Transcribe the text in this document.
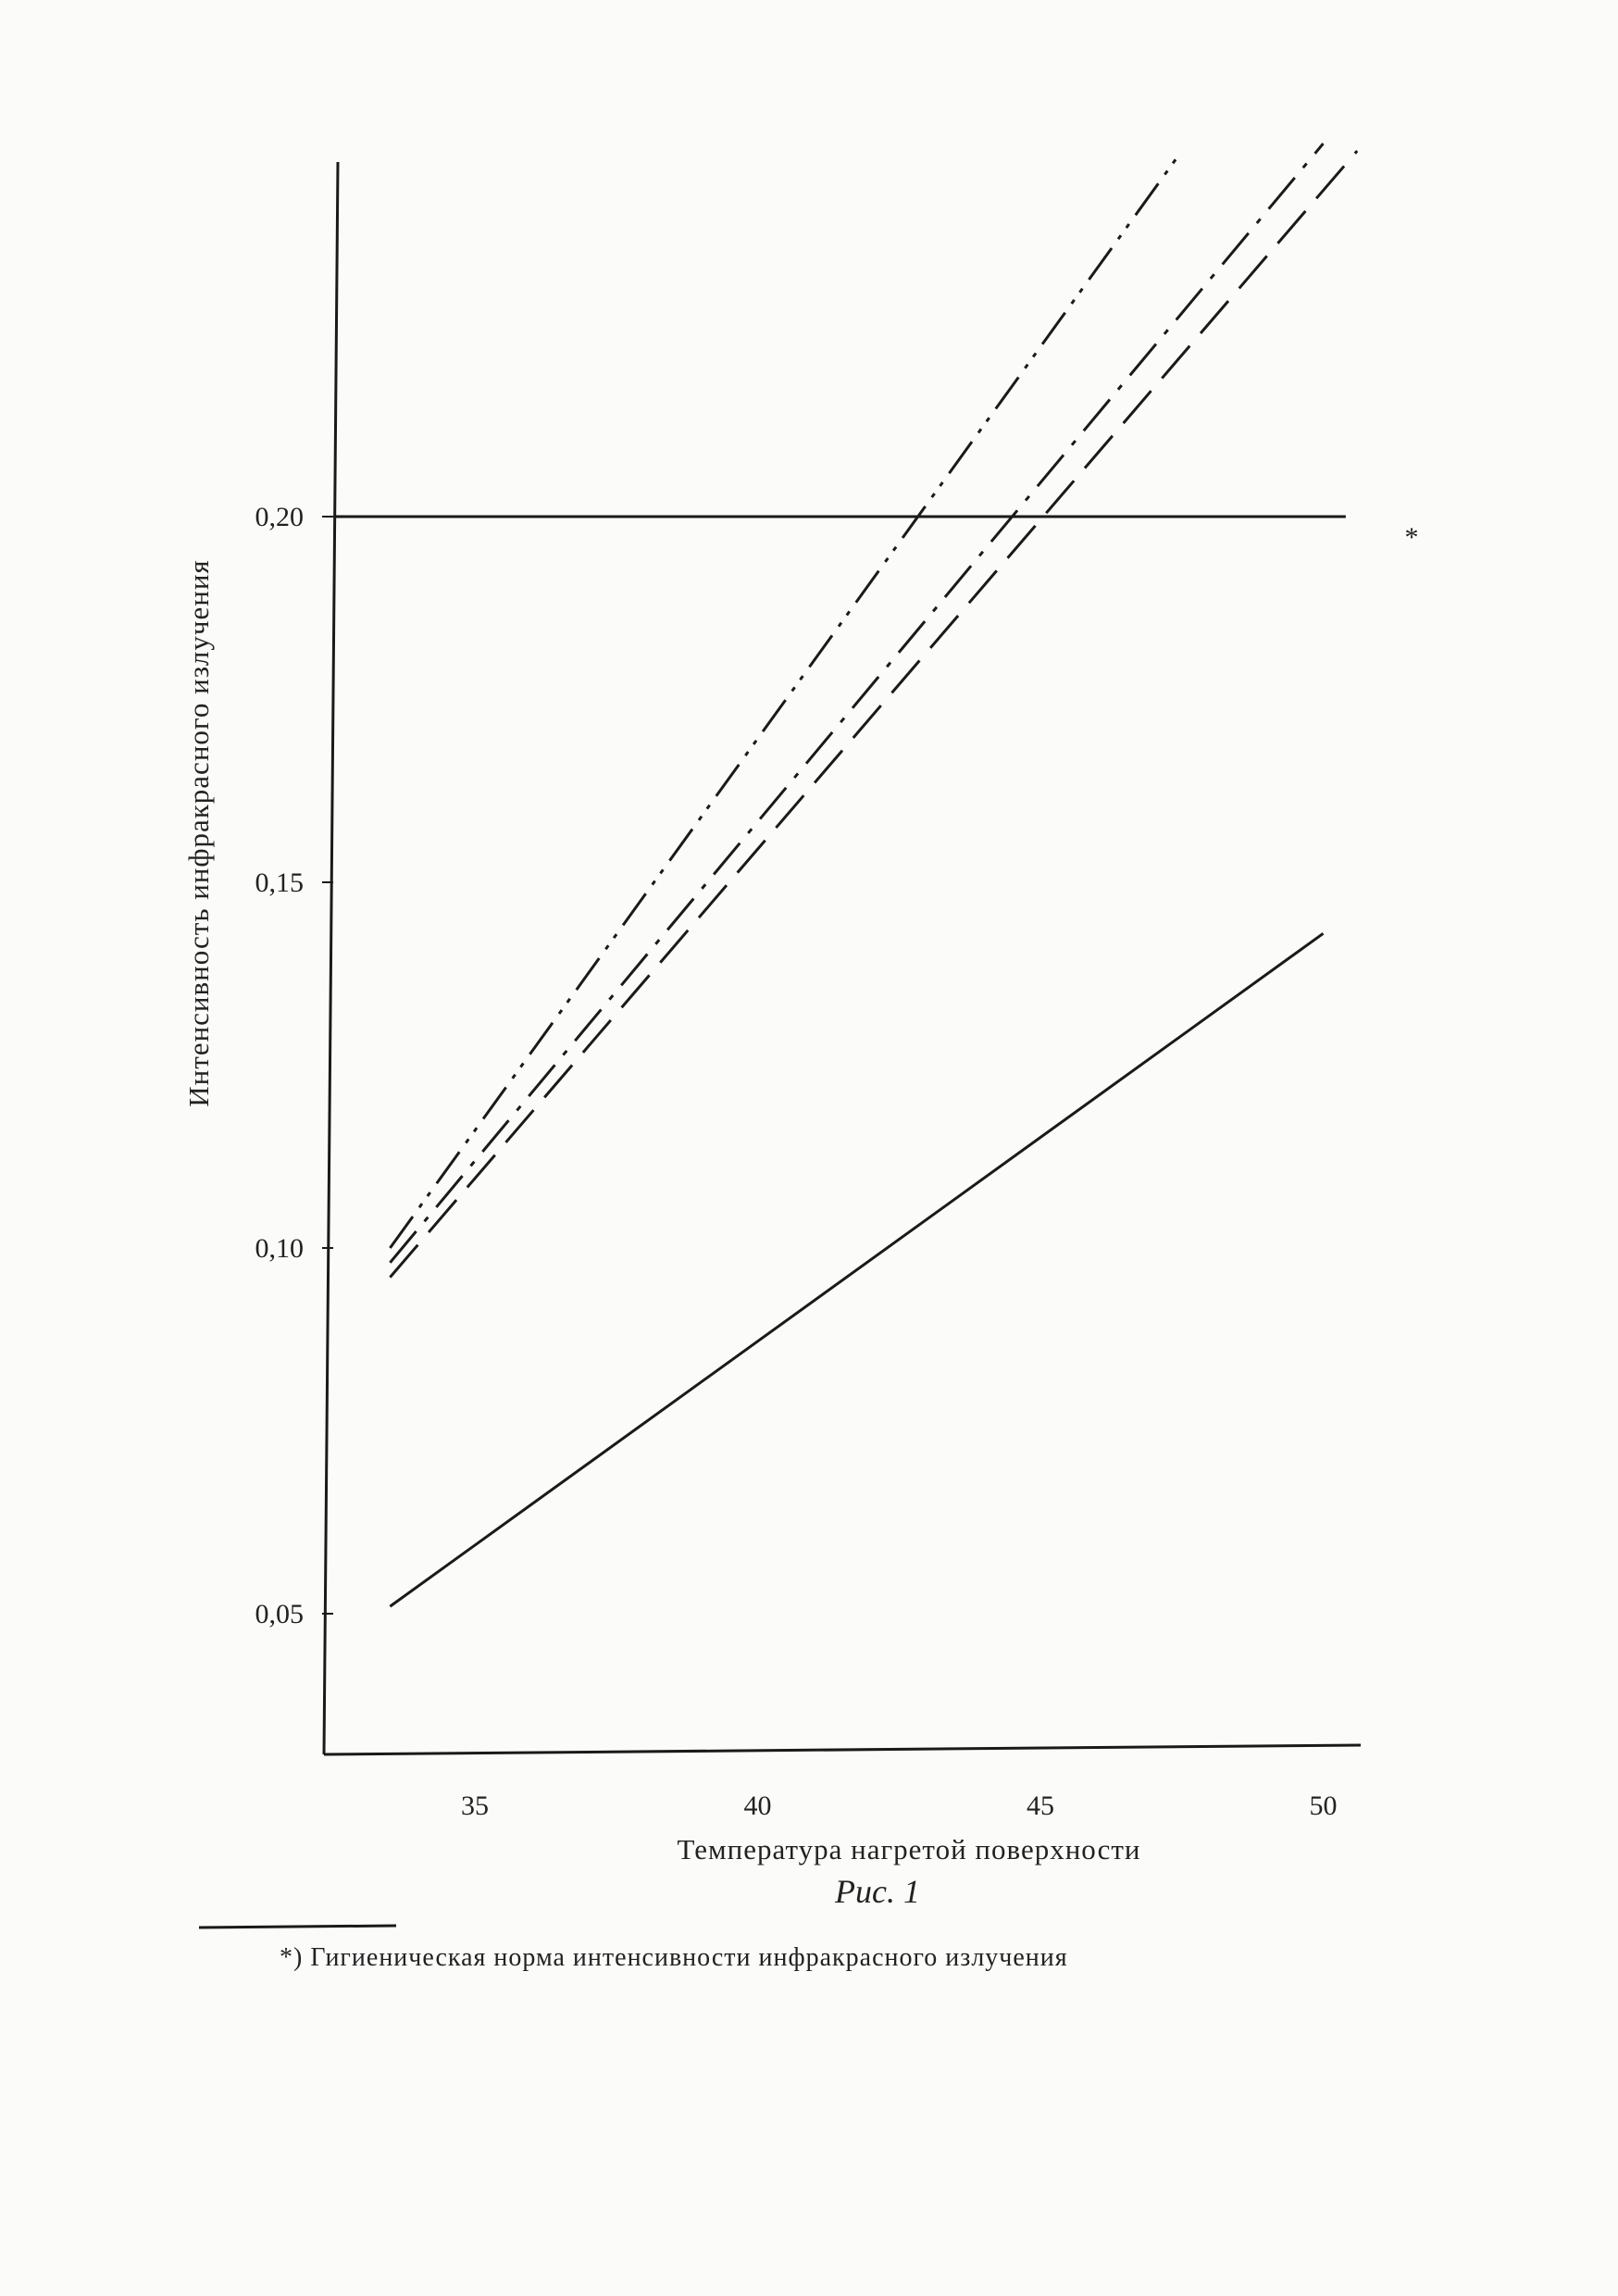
0,05
0,10
0,15
0,20
35	40	45	50
*
Интенсивность инфракрасного излучения
Температура нагретой поверхности
Рис. 1
*) Гигиеническая норма интенсивности инфракрасного излучения
